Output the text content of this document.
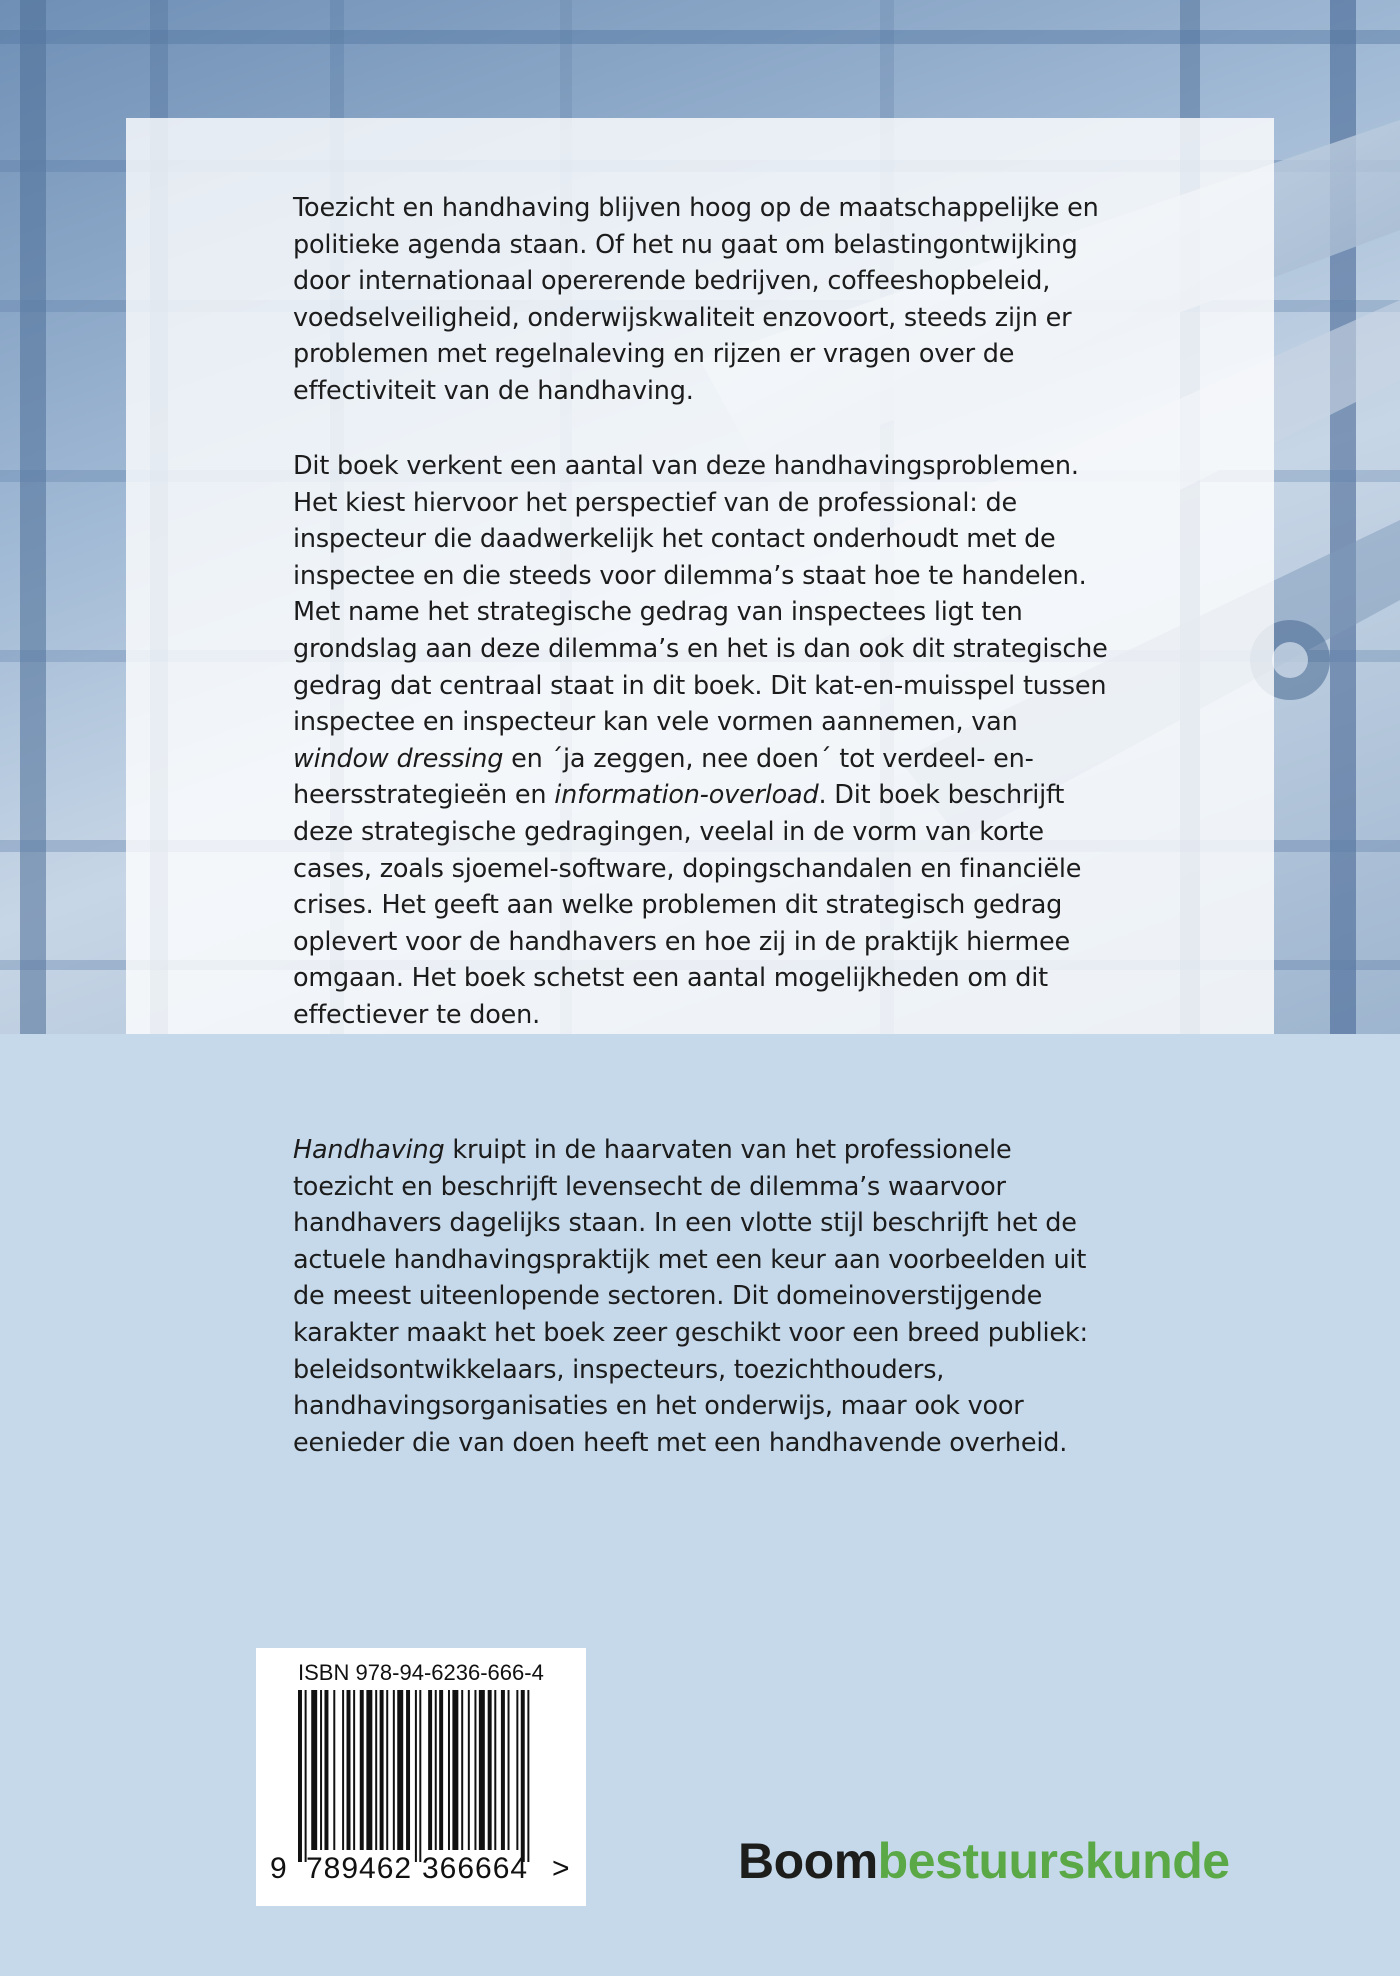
Toezicht en handhaving blijven hoog op de maatschappelijke en politieke agenda staan. Of het nu gaat om belastingontwijking door internationaal opererende bedrijven, coffeeshopbeleid, voedselveiligheid, onderwijskwaliteit enzovoort, steeds zijn er problemen met regelnaleving en rijzen er vragen over de effectiviteit van de handhaving.

Dit boek verkent een aantal van deze handhavingsproblemen. Het kiest hiervoor het perspectief van de professional: de inspecteur die daadwerkelijk het contact onderhoudt met de inspectee en die steeds voor dilemma’s staat hoe te handelen. Met name het strategische gedrag van inspectees ligt ten grondslag aan deze dilemma’s en het is dan ook dit strategische gedrag dat centraal staat in dit boek. Dit kat-en-muisspel tussen inspectee en inspecteur kan vele vormen aannemen, van window dressing en ´ja zeggen, nee doen´ tot verdeel- en-heersstrategieën en information-overload. Dit boek beschrijft deze strategische gedragingen, veelal in de vorm van korte cases, zoals sjoemel-software, dopingschandalen en financiële crises. Het geeft aan welke problemen dit strategisch gedrag oplevert voor de handhavers en hoe zij in de praktijk hiermee omgaan. Het boek schetst een aantal mogelijkheden om dit effectiever te doen.

Handhaving kruipt in de haarvaten van het professionele toezicht en beschrijft levensecht de dilemma’s waarvoor handhavers dagelijks staan. In een vlotte stijl beschrijft het de actuele handhavingspraktijk met een keur aan voorbeelden uit de meest uiteenlopende sectoren. Dit domeinoverstijgende karakter maakt het boek zeer geschikt voor een breed publiek: beleidsontwikkelaars, inspecteurs, toezichthouders, handhavingsorganisaties en het onderwijs, maar ook voor eenieder die van doen heeft met een handhavende overheid.

ISBN 978-94-6236-666-4
9 789462 366664 >	Boombestuurskunde
